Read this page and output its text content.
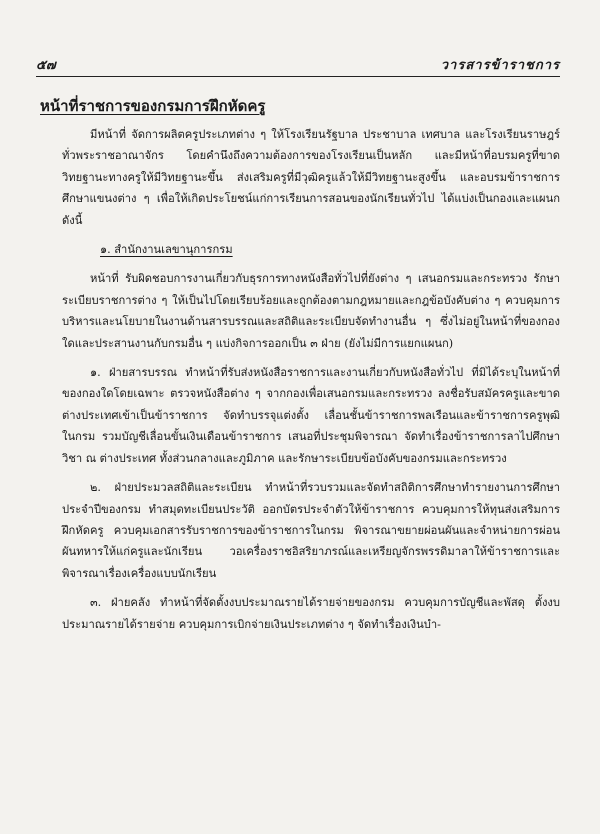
๕๗	วารสารข้าราชการ
หน้าที่ราชการของกรมการฝึกหัดครู

มีหน้าที่ จัดการผลิตครูประเภทต่าง ๆ ให้โรงเรียนรัฐบาล ประชาบาล เทศบาล และโรงเรียนราษฎร์ ทั่วพระราชอาณาจักร โดยคำนึงถึงความต้องการของโรงเรียนเป็นหลัก และมีหน้าที่อบรมครูที่ขาดวิทยฐานะทางครูให้มีวิทยฐานะขึ้น ส่งเสริมครูที่มีวุฒิครูแล้วให้มีวิทยฐานะสูงขึ้น และอบรมข้าราชการศึกษาแขนงต่าง ๆ เพื่อให้เกิดประโยชน์แก่การเรียนการสอนของนักเรียนทั่วไป ได้แบ่งเป็นกองและแผนกดังนี้

๑. สำนักงานเลขานุการกรม

หน้าที่ รับผิดชอบการงานเกี่ยวกับธุรการทางหนังสือทั่วไปที่ยังต่าง ๆ เสนอกรมและกระทรวง รักษาระเบียบราชการต่าง ๆ ให้เป็นไปโดยเรียบร้อยและถูกต้องตามกฎหมายและกฎข้อบังคับต่าง ๆ ควบคุมการบริหารและนโยบายในงานด้านสารบรรณและสถิติและระเบียบจัดทำงานอื่น ๆ ซึ่งไม่อยู่ในหน้าที่ของกองใดและประสานงานกับกรมอื่น ๆ แบ่งกิจการออกเป็น ๓ ฝ่าย (ยังไม่มีการแยกแผนก)

๑. ฝ่ายสารบรรณ ทำหน้าที่รับส่งหนังสือราชการและงานเกี่ยวกับหนังสือทั่วไป ที่มิได้ระบุในหน้าที่ของกองใดโดยเฉพาะ ตรวจหนังสือต่าง ๆ จากกองเพื่อเสนอกรมและกระทรวง ลงชื่อรับสมัครครูและขาดต่างประเทศเข้าเป็นข้าราชการ จัดทำบรรจุแต่งตั้ง เลื่อนชั้นข้าราชการพลเรือนและข้าราชการครูพุฒิในกรม รวมบัญชีเลื่อนขั้นเงินเดือนข้าราชการ เสนอที่ประชุมพิจารณา จัดทำเรื่องข้าราชการลาไปศึกษาวิชา ณ ต่างประเทศ ทั้งส่วนกลางและภูมิภาค และรักษาระเบียบข้อบังคับของกรมและกระทรวง

๒. ฝ่ายประมวลสถิติและระเบียน ทำหน้าที่รวบรวมและจัดทำสถิติการศึกษาทำรายงานการศึกษาประจำปีของกรม ทำสมุดทะเบียนประวัติ ออกบัตรประจำตัวให้ข้าราชการ ควบคุมการให้ทุนส่งเสริมการฝึกหัดครู ควบคุมเอกสารรับราชการของข้าราชการในกรม พิจารณาขยายผ่อนผันและจำหน่ายการผ่อนผันทหารให้แก่ครูและนักเรียน วอเครื่องราชอิสริยาภรณ์และเหรียญจักรพรรดิมาลาให้ข้าราชการและพิจารณาเรื่องเครื่องแบบนักเรียน

๓. ฝ่ายคลัง ทำหน้าที่จัดตั้งงบประมาณรายได้รายจ่ายของกรม ควบคุมการบัญชีและพัสดุ ตั้งงบประมาณรายได้รายจ่าย ควบคุมการเบิกจ่ายเงินประเภทต่าง ๆ จัดทำเรื่องเงินบำ-
